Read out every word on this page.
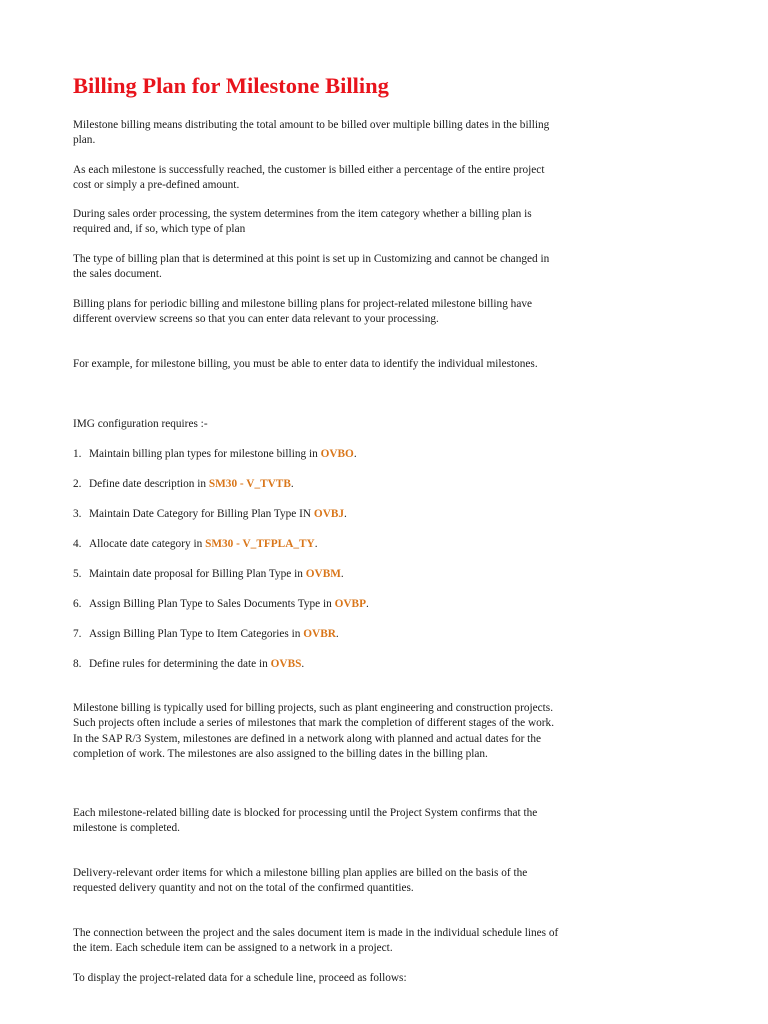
Billing Plan for Milestone Billing

Milestone billing means distributing the total amount to be billed over multiple billing dates in the billing plan.

As each milestone is successfully reached, the customer is billed either a percentage of the entire project cost or simply a pre-defined amount.

During sales order processing, the system determines from the item category whether a billing plan is required and, if so, which type of plan

The type of billing plan that is determined at this point is set up in Customizing and cannot be changed in the sales document.

Billing plans for periodic billing and milestone billing plans for project-related milestone billing have different overview screens so that you can enter data relevant to your processing.

For example, for milestone billing, you must be able to enter data to identify the individual milestones.

IMG configuration requires :-

1. Maintain billing plan types for milestone billing in OVBO.

2. Define date description in SM30 - V_TVTB.

3. Maintain Date Category for Billing Plan Type IN OVBJ.

4. Allocate date category in SM30 - V_TFPLA_TY.

5. Maintain date proposal for Billing Plan Type in OVBM.

6. Assign Billing Plan Type to Sales Documents Type in OVBP.

7. Assign Billing Plan Type to Item Categories in OVBR.

8. Define rules for determining the date in OVBS.

Milestone billing is typically used for billing projects, such as plant engineering and construction projects. Such projects often include a series of milestones that mark the completion of different stages of the work. In the SAP R/3 System, milestones are defined in a network along with planned and actual dates for the completion of work. The milestones are also assigned to the billing dates in the billing plan.

Each milestone-related billing date is blocked for processing until the Project System confirms that the milestone is completed.

Delivery-relevant order items for which a milestone billing plan applies are billed on the basis of the requested delivery quantity and not on the total of the confirmed quantities.

The connection between the project and the sales document item is made in the individual schedule lines of the item. Each schedule item can be assigned to a network in a project.

To display the project-related data for a schedule line, proceed as follows:
